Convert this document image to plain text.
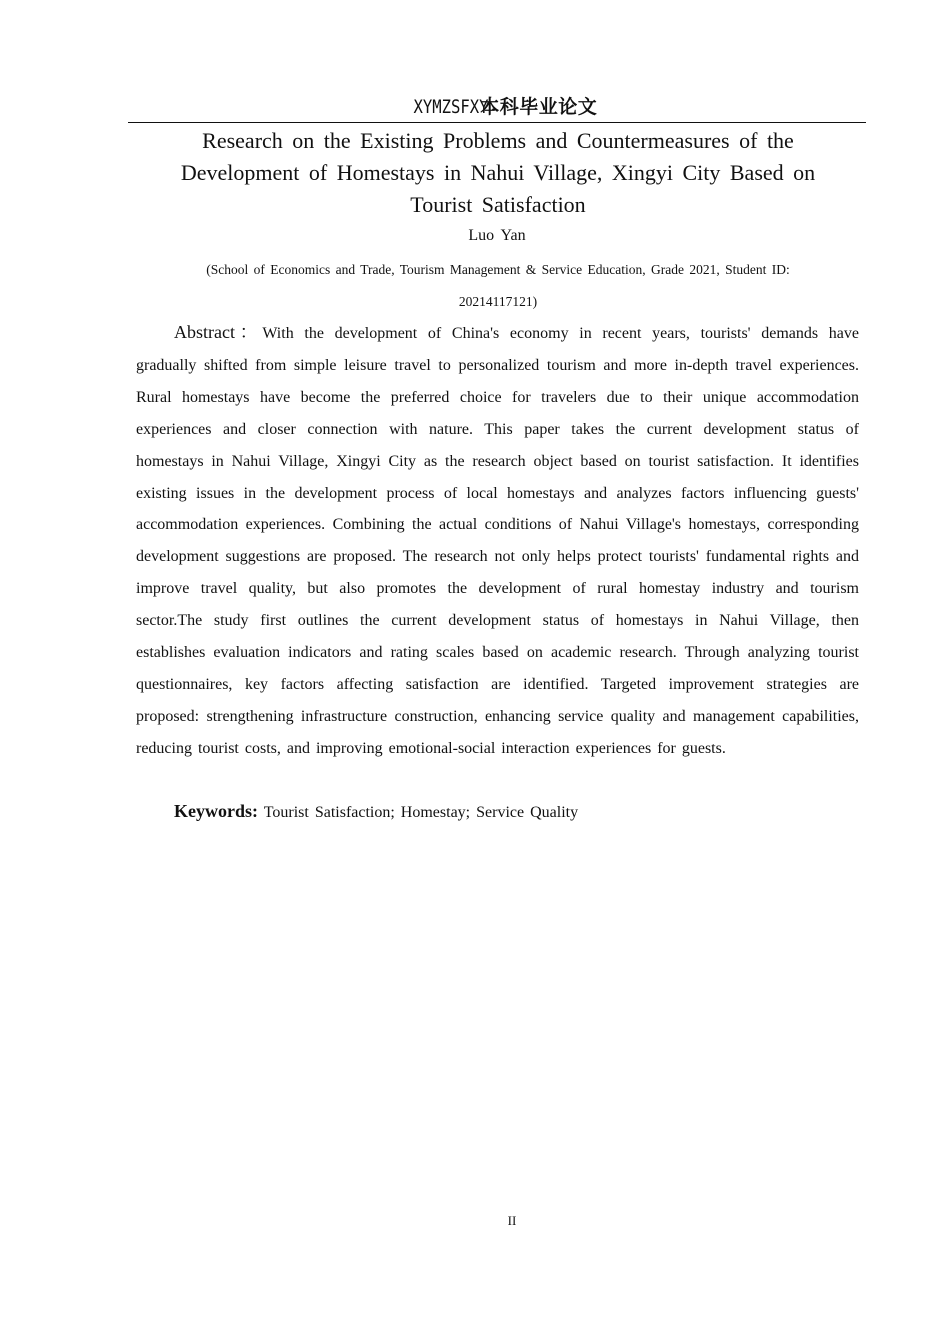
XYMZSFXY本科毕业论文
Research on the Existing Problems and Countermeasures of the Development of Homestays in Nahui Village, Xingyi City Based on Tourist Satisfaction
Luo Yan
(School of Economics and Trade, Tourism Management & Service Education, Grade 2021, Student ID: 20214117121)

Abstract：With the development of China's economy in recent years, tourists' demands have gradually shifted from simple leisure travel to personalized tourism and more in-depth travel experiences. Rural homestays have become the preferred choice for travelers due to their unique accommodation experiences and closer connection with nature. This paper takes the current development status of homestays in Nahui Village, Xingyi City as the research object based on tourist satisfaction. It identifies existing issues in the development process of local homestays and analyzes factors influencing guests' accommodation experiences. Combining the actual conditions of Nahui Village's homestays, corresponding development suggestions are proposed. The research not only helps protect tourists' fundamental rights and improve travel quality, but also promotes the development of rural homestay industry and tourism sector.The study first outlines the current development status of homestays in Nahui Village, then establishes evaluation indicators and rating scales based on academic research. Through analyzing tourist questionnaires, key factors affecting satisfaction are identified. Targeted improvement strategies are proposed: strengthening infrastructure construction, enhancing service quality and management capabilities, reducing tourist costs, and improving emotional-social interaction experiences for guests.

Keywords: Tourist Satisfaction; Homestay; Service Quality

II
